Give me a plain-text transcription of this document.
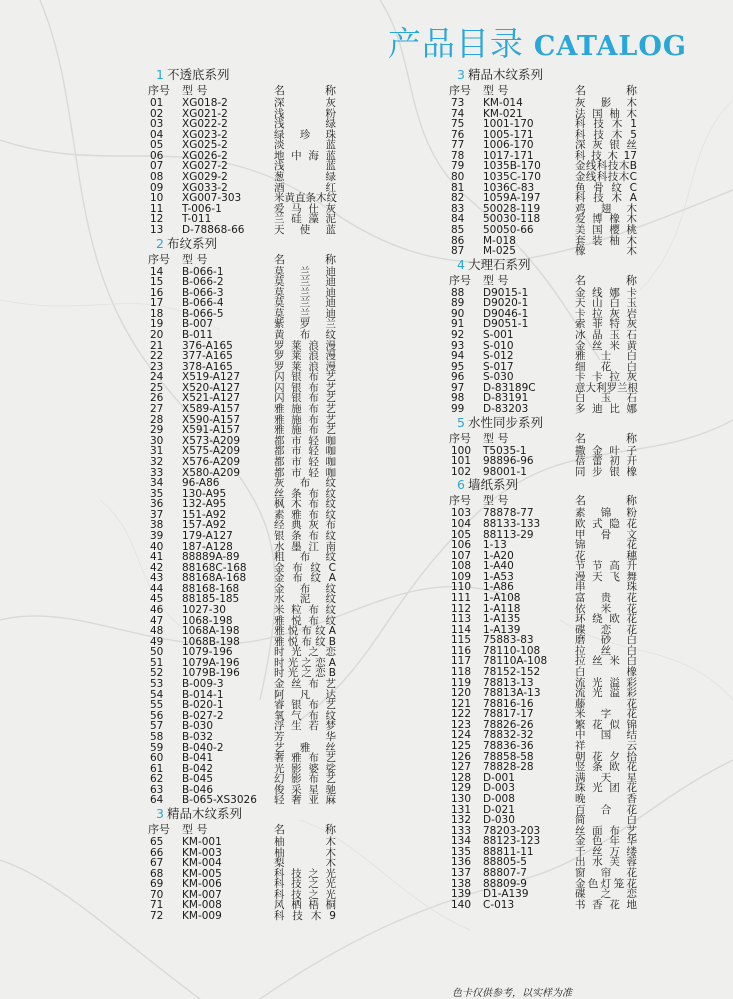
产品目录 CATALOG
1 不透底系列
序号 型 号	名 称
01 XG018-2	深灰
02 XG021-2	浅粉
03 XG022-2	浅绿
04 XG023-2	绿珍珠
05 XG025-2	淡蓝
06 XG026-2	地中海蓝
07 XG027-2	浅蓝
08 XG029-2	葱绿
09 XG033-2	酒红
10 XG007-303	米黄直条木纹
11 T-006-1	爱马仕灰
12 T-011	兰硅藻泥
13 D-78868-66	天使蓝
2 布纹系列
序号 型 号	名 称
14 B-066-1	莫兰迪
15 B-066-2	莫兰迪
16 B-066-3	莫兰迪
17 B-066-4	莫兰迪
18 B-066-5	莫兰迪
19 B-007	紫罗兰
20 B-011	黄布纹
21 376-A165	罗莱浪漫
22 377-A165	罗莱浪漫
23 378-A165	罗莱浪漫
24 X519-A127	闪银布艺
25 X520-A127	闪银布艺
26 X521-A127	闪银布艺
27 X589-A157	雅施布艺
28 X590-A157	雅施布艺
29 X591-A157	雅施布艺
30 X573-A209	都市轻咖
31 X575-A209	都市轻咖
32 X576-A209	都市轻咖
33 X580-A209	都市轻咖
34 96-A86	灰布纹
35 130-A95	丝条布纹
36 132-A95	枫木布纹
37 151-A92	素雅布纹
38 157-A92	经典灰布
39 179-A127	银条布纹
40 187-A128	水墨江南
41 88889A-89	粗布纹
42 88168C-168	金布纹C
43 88168A-168	金布纹A
44 88168-168	金布纹
45 88185-185	水泥纹
46 1027-30	米粒布纹
47 1068-198	雅悦布纹
48 1068A-198	雅悦布纹A
49 1068B-198	雅悦布纹B
50 1079-196	时光之恋
51 1079A-196	时光之恋A
52 1079B-196	时光之恋B
53 B-009-3	金丝布艺
54 B-014-1	阿凡达
55 B-020-1	睿银布艺
56 B-027-2	氧气布纹
57 B-030	浮生若梦
58 B-032	芳华
59 B-040-2	艺雅丝
60 B-041	奢雅布艺
61 B-042	光影婆娑
62 B-045	幻影布艺
63 B-046	俊采星驰
64 B-065-XS3026 轻奢亚麻
3 精品木纹系列
序号 型 号	名 称
65 KM-001	柚木
66 KM-003	柚木
67 KM-004	梨木
68 KM-005	科技之光
69 KM-006	科技之光
70 KM-007	科技之光
71 KM-008	风栖梧桐
72 KM-009	科技木9
3 精品木纹系列
序号 型 号	名 称
73 KM-014	灰影木
74 KM-021	法国柚木
75 1001-170	科技木1
76 1005-171	科技木5
77 1006-170	深灰银丝
78 1017-171	科技木17
79 1035B-170	金线科技木B
80 1035C-170	金线科技木C
81 1036C-83	鱼骨纹C
82 1059A-197	科技木A
83 50028-119	鸡翅木
84 50030-118	爱博橡木
85 50050-66	美国樱桃
86 M-018	套装柚木
87 M-025	橡木
4 大理石系列
序号 型 号	名 称
88 D9015-1	金线娜卡
89 D9020-1	天山白玉
90 D9046-1	卡拉灰岩
91 D9051-1	索菲特灰
92 S-001	冰晶玉石
93 S-010	金丝米黄
94 S-012	雅士白
95 S-017	细花白
96 S-030	卡卡拉灰
97 D-83189C	意大利罗兰根
98 D-83191	白玉石
99 D-83203	多迪比娜
5 水性同步系列
序号 型 号	名 称
100 T5035-1	撒金叶子
101 98896-96	蓓蕾初开
102 98001-1	同步银橡
6 墙纸系列
序号 型 号	名 称
103 78878-77	素锦粉
104 88133-133	欧式隐花
105 88113-29	甲骨文
106 1-13	锦花
107 1-A20	花穗
108 1-A40	节节高升
109 1-A53	漫天飞舞
110 1-A86	串珠
111 1-A108	富贵花
112 1-A118	依米花
113 1-A135	环绕欧花
114 1-A139	碟恋花
115 75883-83	磨砂白
116 78110-108	拉丝白
117 78110A-108	拉丝米白
118 78152-152	白橡
119 78813-13	流光溢彩
120 78813A-13	流光溢彩
121 78816-16	藤花
122 78817-17	米字花
123 78826-26	繁花似锦
124 78832-32	中国结
125 78836-36	祥云
126 78858-58	朝花夕拾
127 78828-28	竖条欧花
128 D-001	满天星
129 D-003	珠光团花
130 D-008	晚香
131 D-021	百合花
132 D-030	简白
133 78203-203	丝面布艺
134 88123-123	金色年华
135 88811-11	千丝万缕
136 88805-5	出水芙蓉
137 88807-7	窗帘花
138 88809-9	金色灯笼花
139 D1-A139	碟之恋
140 C-013	书香花地
色卡仅供参考，以实样为准
